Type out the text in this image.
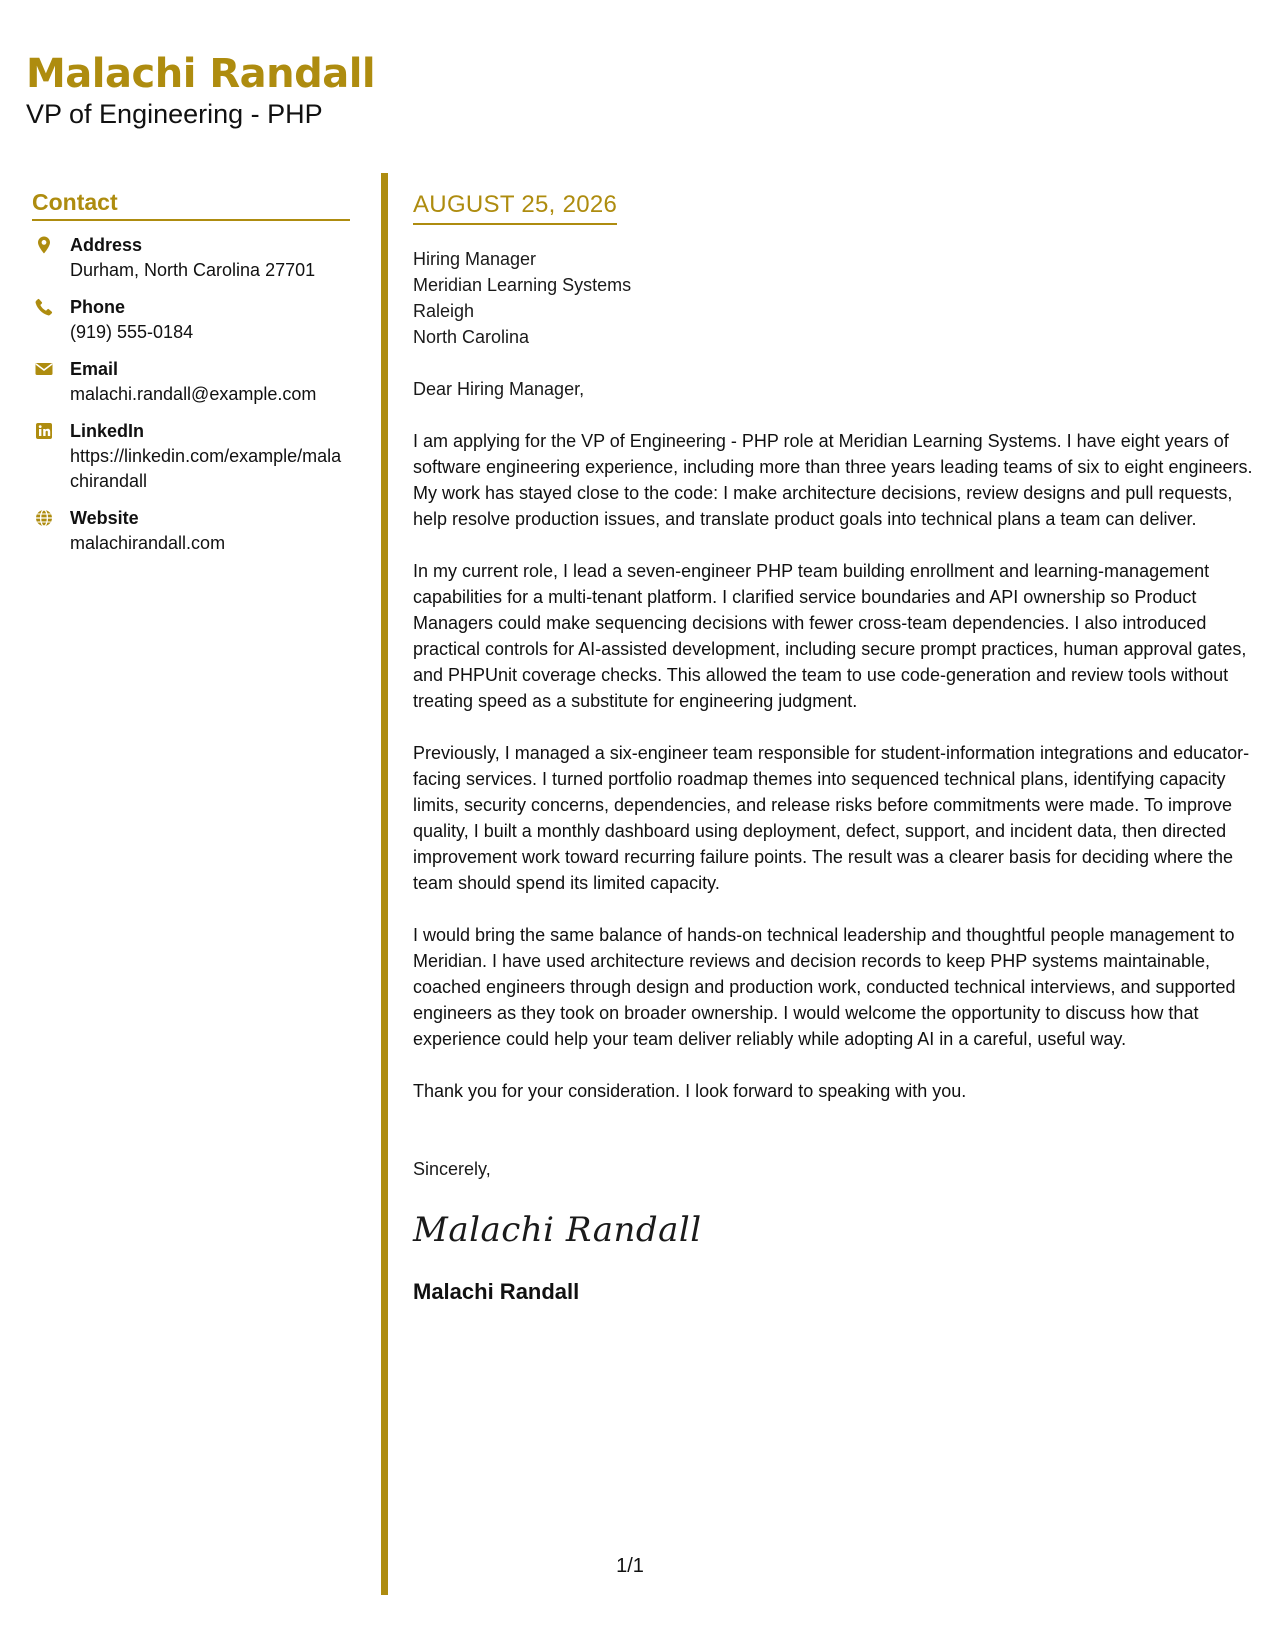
Malachi Randall

VP of Engineering - PHP

Contact
Address
Durham, North Carolina 27701
Phone
(919) 555-0184
Email
malachi.randall@example.com
LinkedIn
https://linkedin.com/example/malachirandall
Website
malachirandall.com
AUGUST 25, 2026
Hiring Manager
Meridian Learning Systems
Raleigh
North Carolina
Dear Hiring Manager,

I am applying for the VP of Engineering - PHP role at Meridian Learning Systems. I have eight years of software engineering experience, including more than three years leading teams of six to eight engineers. My work has stayed close to the code: I make architecture decisions, review designs and pull requests, help resolve production issues, and translate product goals into technical plans a team can deliver.

In my current role, I lead a seven-engineer PHP team building enrollment and learning-management capabilities for a multi-tenant platform. I clarified service boundaries and API ownership so Product Managers could make sequencing decisions with fewer cross-team dependencies. I also introduced practical controls for AI-assisted development, including secure prompt practices, human approval gates, and PHPUnit coverage checks. This allowed the team to use code-generation and review tools without treating speed as a substitute for engineering judgment.

Previously, I managed a six-engineer team responsible for student-information integrations and educator-facing services. I turned portfolio roadmap themes into sequenced technical plans, identifying capacity limits, security concerns, dependencies, and release risks before commitments were made. To improve quality, I built a monthly dashboard using deployment, defect, support, and incident data, then directed improvement work toward recurring failure points. The result was a clearer basis for deciding where the team should spend its limited capacity.

I would bring the same balance of hands-on technical leadership and thoughtful people management to Meridian. I have used architecture reviews and decision records to keep PHP systems maintainable, coached engineers through design and production work, conducted technical interviews, and supported engineers as they took on broader ownership. I would welcome the opportunity to discuss how that experience could help your team deliver reliably while adopting AI in a careful, useful way.

Thank you for your consideration. I look forward to speaking with you.

Sincerely,
Malachi Randall
Malachi Randall
1/1
